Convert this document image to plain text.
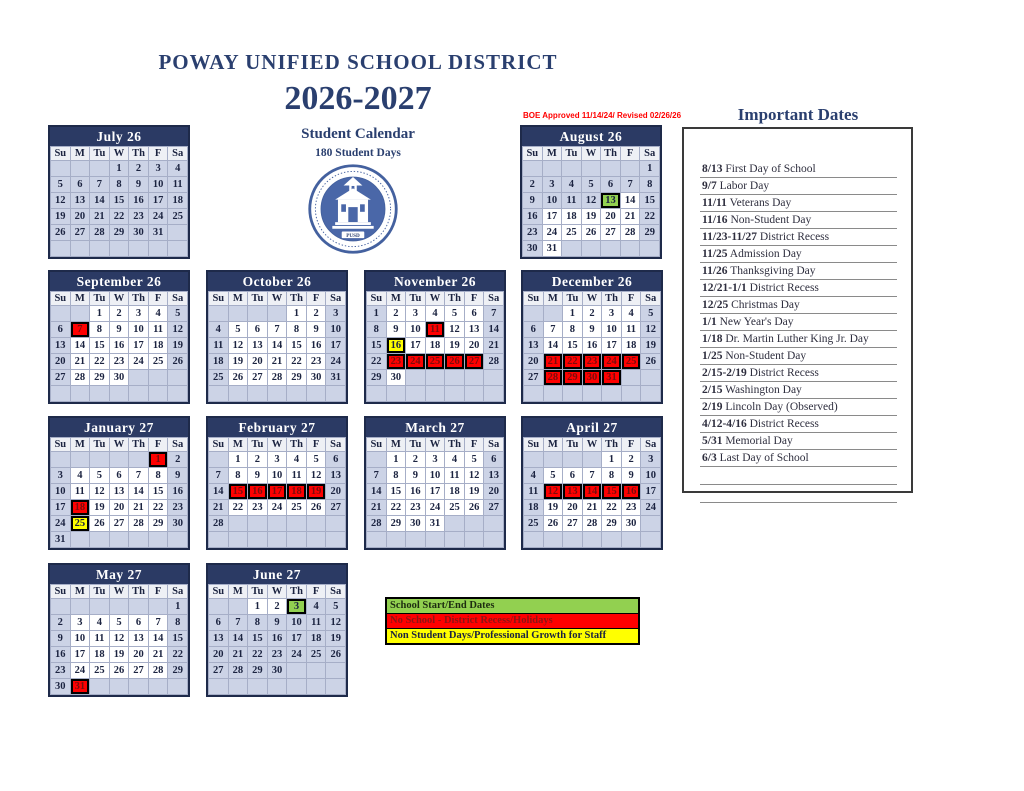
POWAY UNIFIED SCHOOL DISTRICT
2026-2027
Student Calendar
180 Student Days
BOE Approved 11/14/24/ Revised 02/26/26
PUSD
Important Dates
8/13 First Day of School
9/7 Labor Day
11/11 Veterans Day
11/16 Non-Student Day
11/23-11/27 District Recess
11/25 Admission Day
11/26 Thanksgiving Day
12/21-1/1 District Recess
12/25 Christmas Day
1/1 New Year's Day
1/18 Dr. Martin Luther King Jr. Day
1/25 Non-Student Day
2/15-2/19 District Recess
2/15 Washington Day
2/19 Lincoln Day (Observed)
4/12-4/16 District Recess
5/31 Memorial Day
6/3 Last Day of School
July 26
Su	M	Tu	W	Th	F	Sa
			1	2	3	4
5	6	7	8	9	10	11
12	13	14	15	16	17	18
19	20	21	22	23	24	25
26	27	28	29	30	31	

August 26
Su	M	Tu	W	Th	F	Sa
						1
2	3	4	5	6	7	8
9	10	11	12	13	14	15
16	17	18	19	20	21	22
23	24	25	26	27	28	29
30	31					
September 26
Su	M	Tu	W	Th	F	Sa
		1	2	3	4	5
6	7	8	9	10	11	12
13	14	15	16	17	18	19
20	21	22	23	24	25	26
27	28	29	30			

October 26
Su	M	Tu	W	Th	F	Sa
				1	2	3
4	5	6	7	8	9	10
11	12	13	14	15	16	17
18	19	20	21	22	23	24
25	26	27	28	29	30	31

November 26
Su	M	Tu	W	Th	F	Sa
1	2	3	4	5	6	7
8	9	10	11	12	13	14
15	16	17	18	19	20	21
22	23	24	25	26	27	28
29	30					

December 26
Su	M	Tu	W	Th	F	Sa
		1	2	3	4	5
6	7	8	9	10	11	12
13	14	15	16	17	18	19
20	21	22	23	24	25	26
27	28	29	30	31		

January 27
Su	M	Tu	W	Th	F	Sa
					1	2
3	4	5	6	7	8	9
10	11	12	13	14	15	16
17	18	19	20	21	22	23
24	25	26	27	28	29	30
31						
February 27
Su	M	Tu	W	Th	F	Sa
	1	2	3	4	5	6
7	8	9	10	11	12	13
14	15	16	17	18	19	20
21	22	23	24	25	26	27
28						

March 27
Su	M	Tu	W	Th	F	Sa
	1	2	3	4	5	6
7	8	9	10	11	12	13
14	15	16	17	18	19	20
21	22	23	24	25	26	27
28	29	30	31			

April 27
Su	M	Tu	W	Th	F	Sa
				1	2	3
4	5	6	7	8	9	10
11	12	13	14	15	16	17
18	19	20	21	22	23	24
25	26	27	28	29	30	

May 27
Su	M	Tu	W	Th	F	Sa
						1
2	3	4	5	6	7	8
9	10	11	12	13	14	15
16	17	18	19	20	21	22
23	24	25	26	27	28	29
30	31					
June 27
Su	M	Tu	W	Th	F	Sa
		1	2	3	4	5
6	7	8	9	10	11	12
13	14	15	16	17	18	19
20	21	22	23	24	25	26
27	28	29	30			

School Start/End Dates
No School - District Recess/Holidays
Non Student Days/Professional Growth for Staff
